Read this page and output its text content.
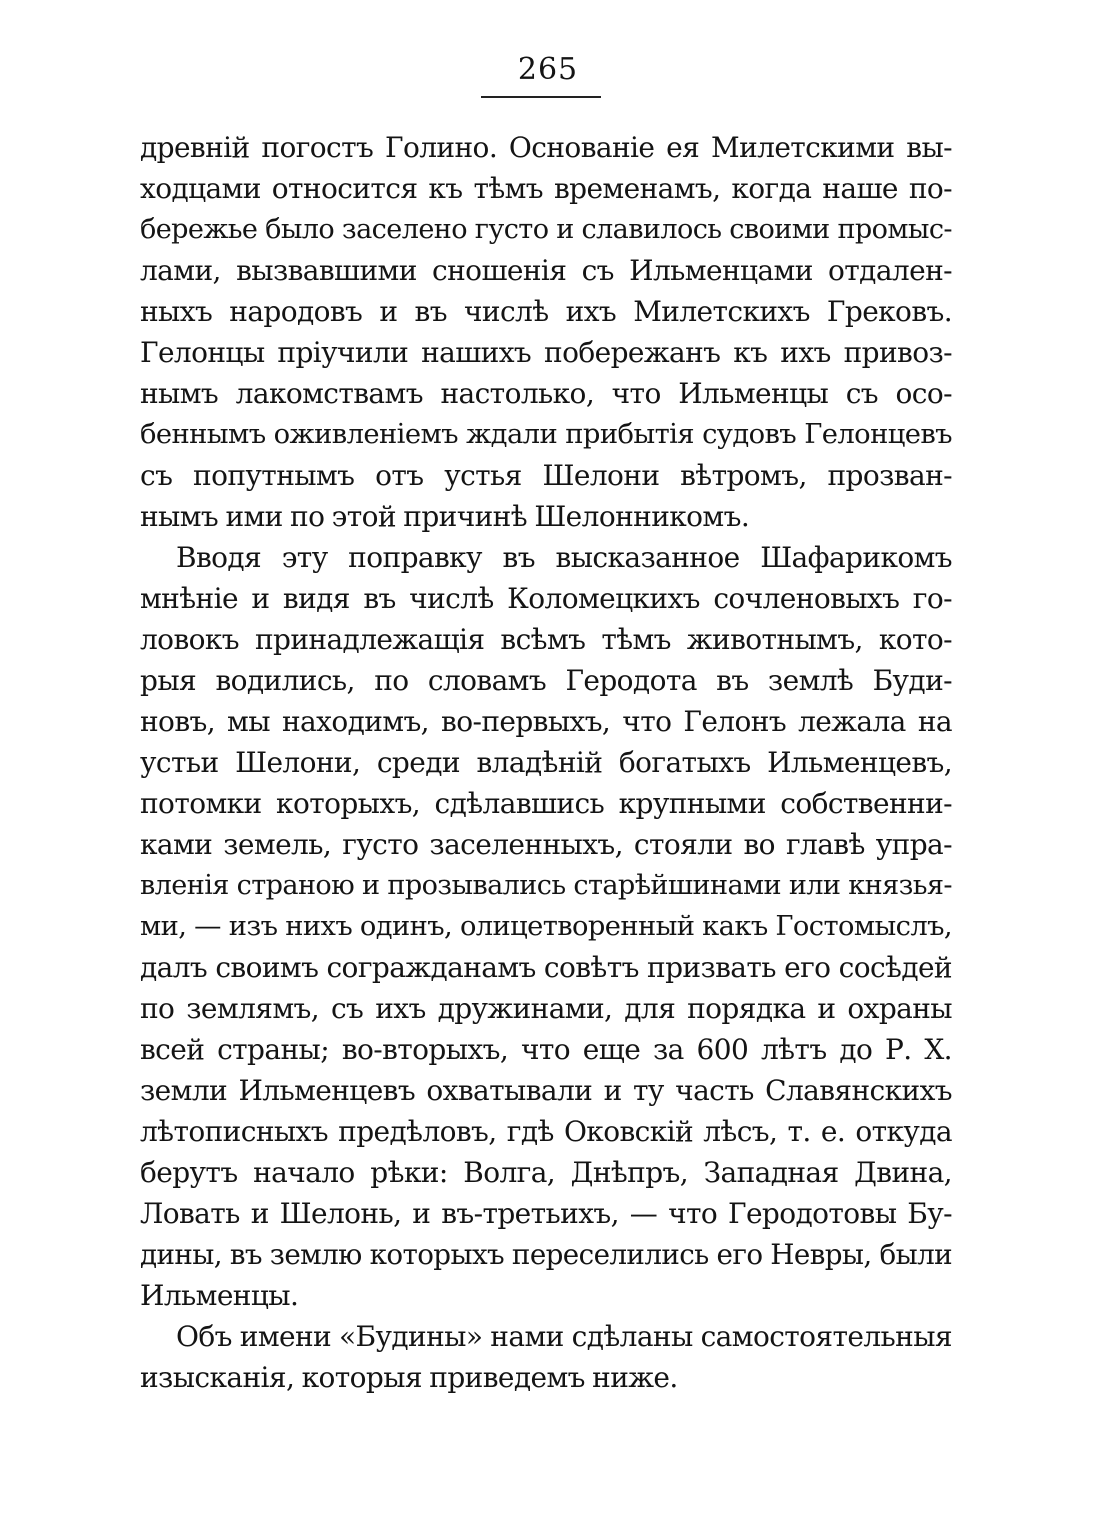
265
древній погостъ Голино. Основаніе ея Милетскими вы-
ходцами относится къ тѣмъ временамъ, когда наше по-
бережье было заселено густо и славилось своими промыс-
лами, вызвавшими сношенія съ Ильменцами отдален-
ныхъ народовъ и въ числѣ ихъ Милетскихъ Грековъ.
Гелонцы пріучили нашихъ побережанъ къ ихъ привоз-
нымъ лакомствамъ настолько, что Ильменцы съ осо-
беннымъ оживленіемъ ждали прибытія судовъ Гелонцевъ
съ попутнымъ отъ устья Шелони вѣтромъ, прозван-
нымъ ими по этой причинѣ Шелонникомъ.
Вводя эту поправку въ высказанное Шафарикомъ
мнѣніе и видя въ числѣ Коломецкихъ сочленовыхъ го-
ловокъ принадлежащія всѣмъ тѣмъ животнымъ, кото-
рыя водились, по словамъ Геродота въ землѣ Буди-
новъ, мы находимъ, во-первыхъ, что Гелонъ лежала на
устьи Шелони, среди владѣній богатыхъ Ильменцевъ,
потомки которыхъ, сдѣлавшись крупными собственни-
ками земель, густо заселенныхъ, стояли во главѣ упра-
вленія страною и прозывались старѣйшинами или князья-
ми, — изъ нихъ одинъ, олицетворенный какъ Гостомыслъ,
далъ своимъ согражданамъ совѣтъ призвать его сосѣдей
по землямъ, съ ихъ дружинами, для порядка и охраны
всей страны; во-вторыхъ, что еще за 600 лѣтъ до Р. Х.
земли Ильменцевъ охватывали и ту часть Славянскихъ
лѣтописныхъ предѣловъ, гдѣ Оковскій лѣсъ, т. е. откуда
берутъ начало рѣки: Волга, Днѣпръ, Западная Двина,
Ловать и Шелонь, и въ-третьихъ, — что Геродотовы Бу-
дины, въ землю которыхъ переселились его Невры, были
Ильменцы.
Объ имени «Будины» нами сдѣланы самостоятельныя
изысканія, которыя приведемъ ниже.
